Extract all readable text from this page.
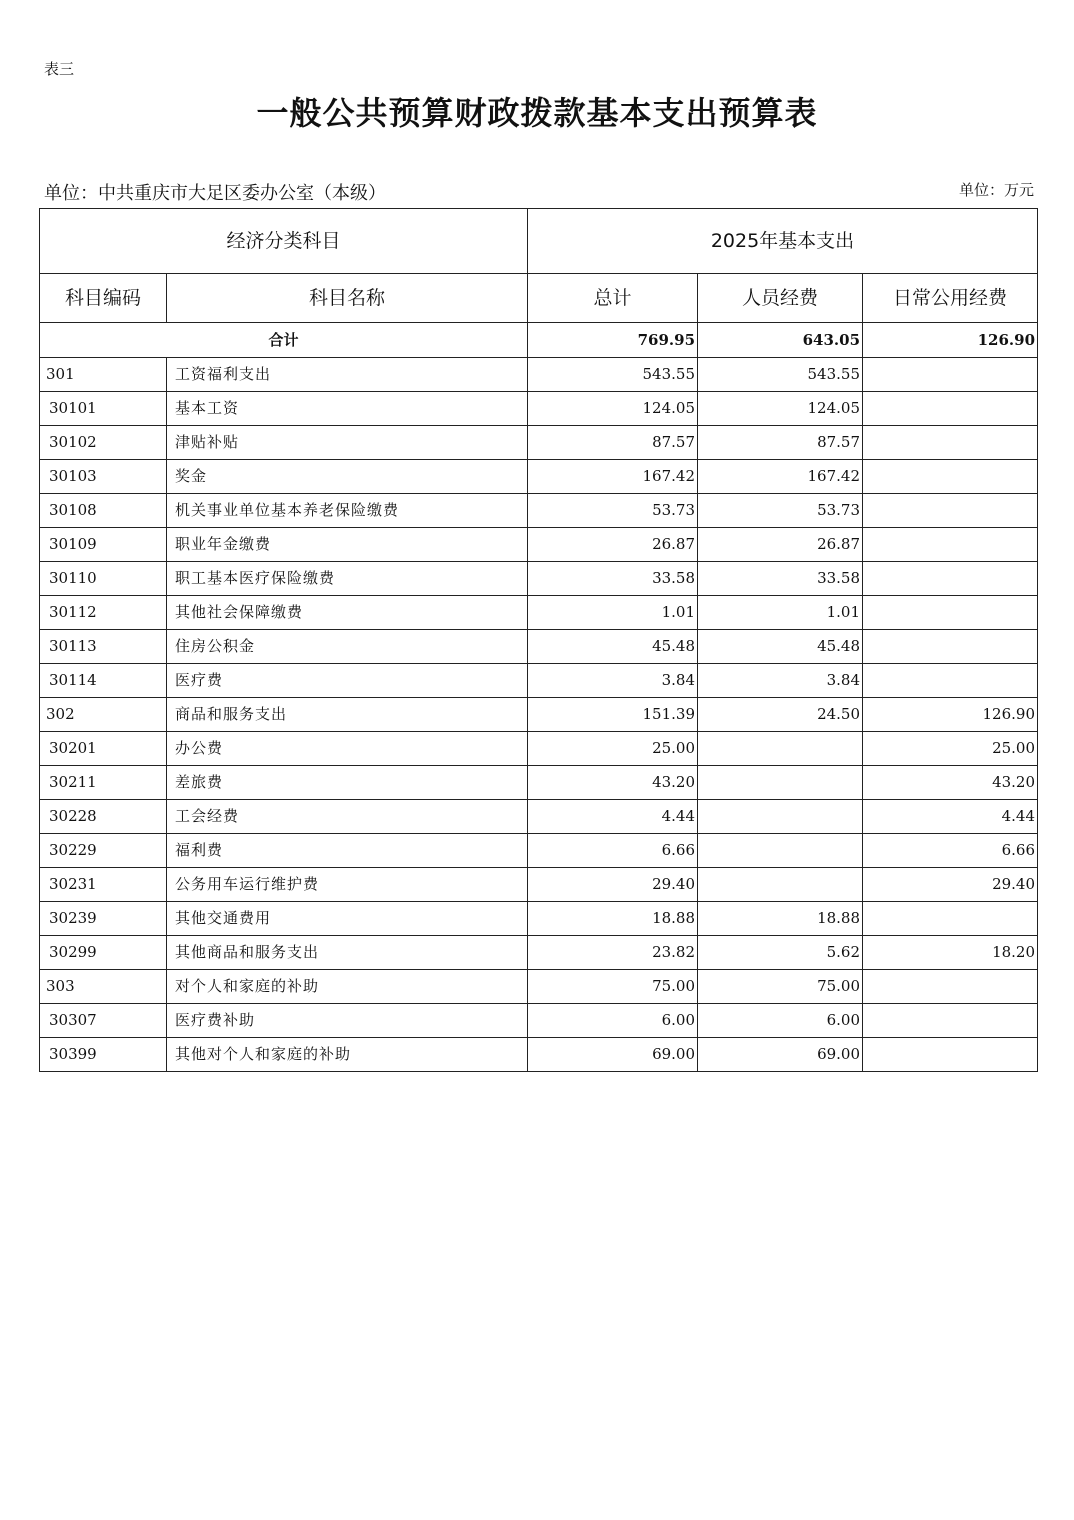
表三
一般公共预算财政拨款基本支出预算表
单位：中共重庆市大足区委办公室（本级）	单位：万元
经济分类科目		2025年基本支出		
科目编码	科目名称	总计	人员经费	日常公用经费
合计		769.95	643.05	126.90
301	工资福利支出	543.55	543.55	
30101	基本工资	124.05	124.05	
30102	津贴补贴	87.57	87.57	
30103	奖金	167.42	167.42	
30108	机关事业单位基本养老保险缴费	53.73	53.73	
30109	职业年金缴费	26.87	26.87	
30110	职工基本医疗保险缴费	33.58	33.58	
30112	其他社会保障缴费	1.01	1.01	
30113	住房公积金	45.48	45.48	
30114	医疗费	3.84	3.84	
302	商品和服务支出	151.39	24.50	126.90
30201	办公费	25.00		25.00
30211	差旅费	43.20		43.20
30228	工会经费	4.44		4.44
30229	福利费	6.66		6.66
30231	公务用车运行维护费	29.40		29.40
30239	其他交通费用	18.88	18.88	
30299	其他商品和服务支出	23.82	5.62	18.20
303	对个人和家庭的补助	75.00	75.00	
30307	医疗费补助	6.00	6.00	
30399	其他对个人和家庭的补助	69.00	69.00	
